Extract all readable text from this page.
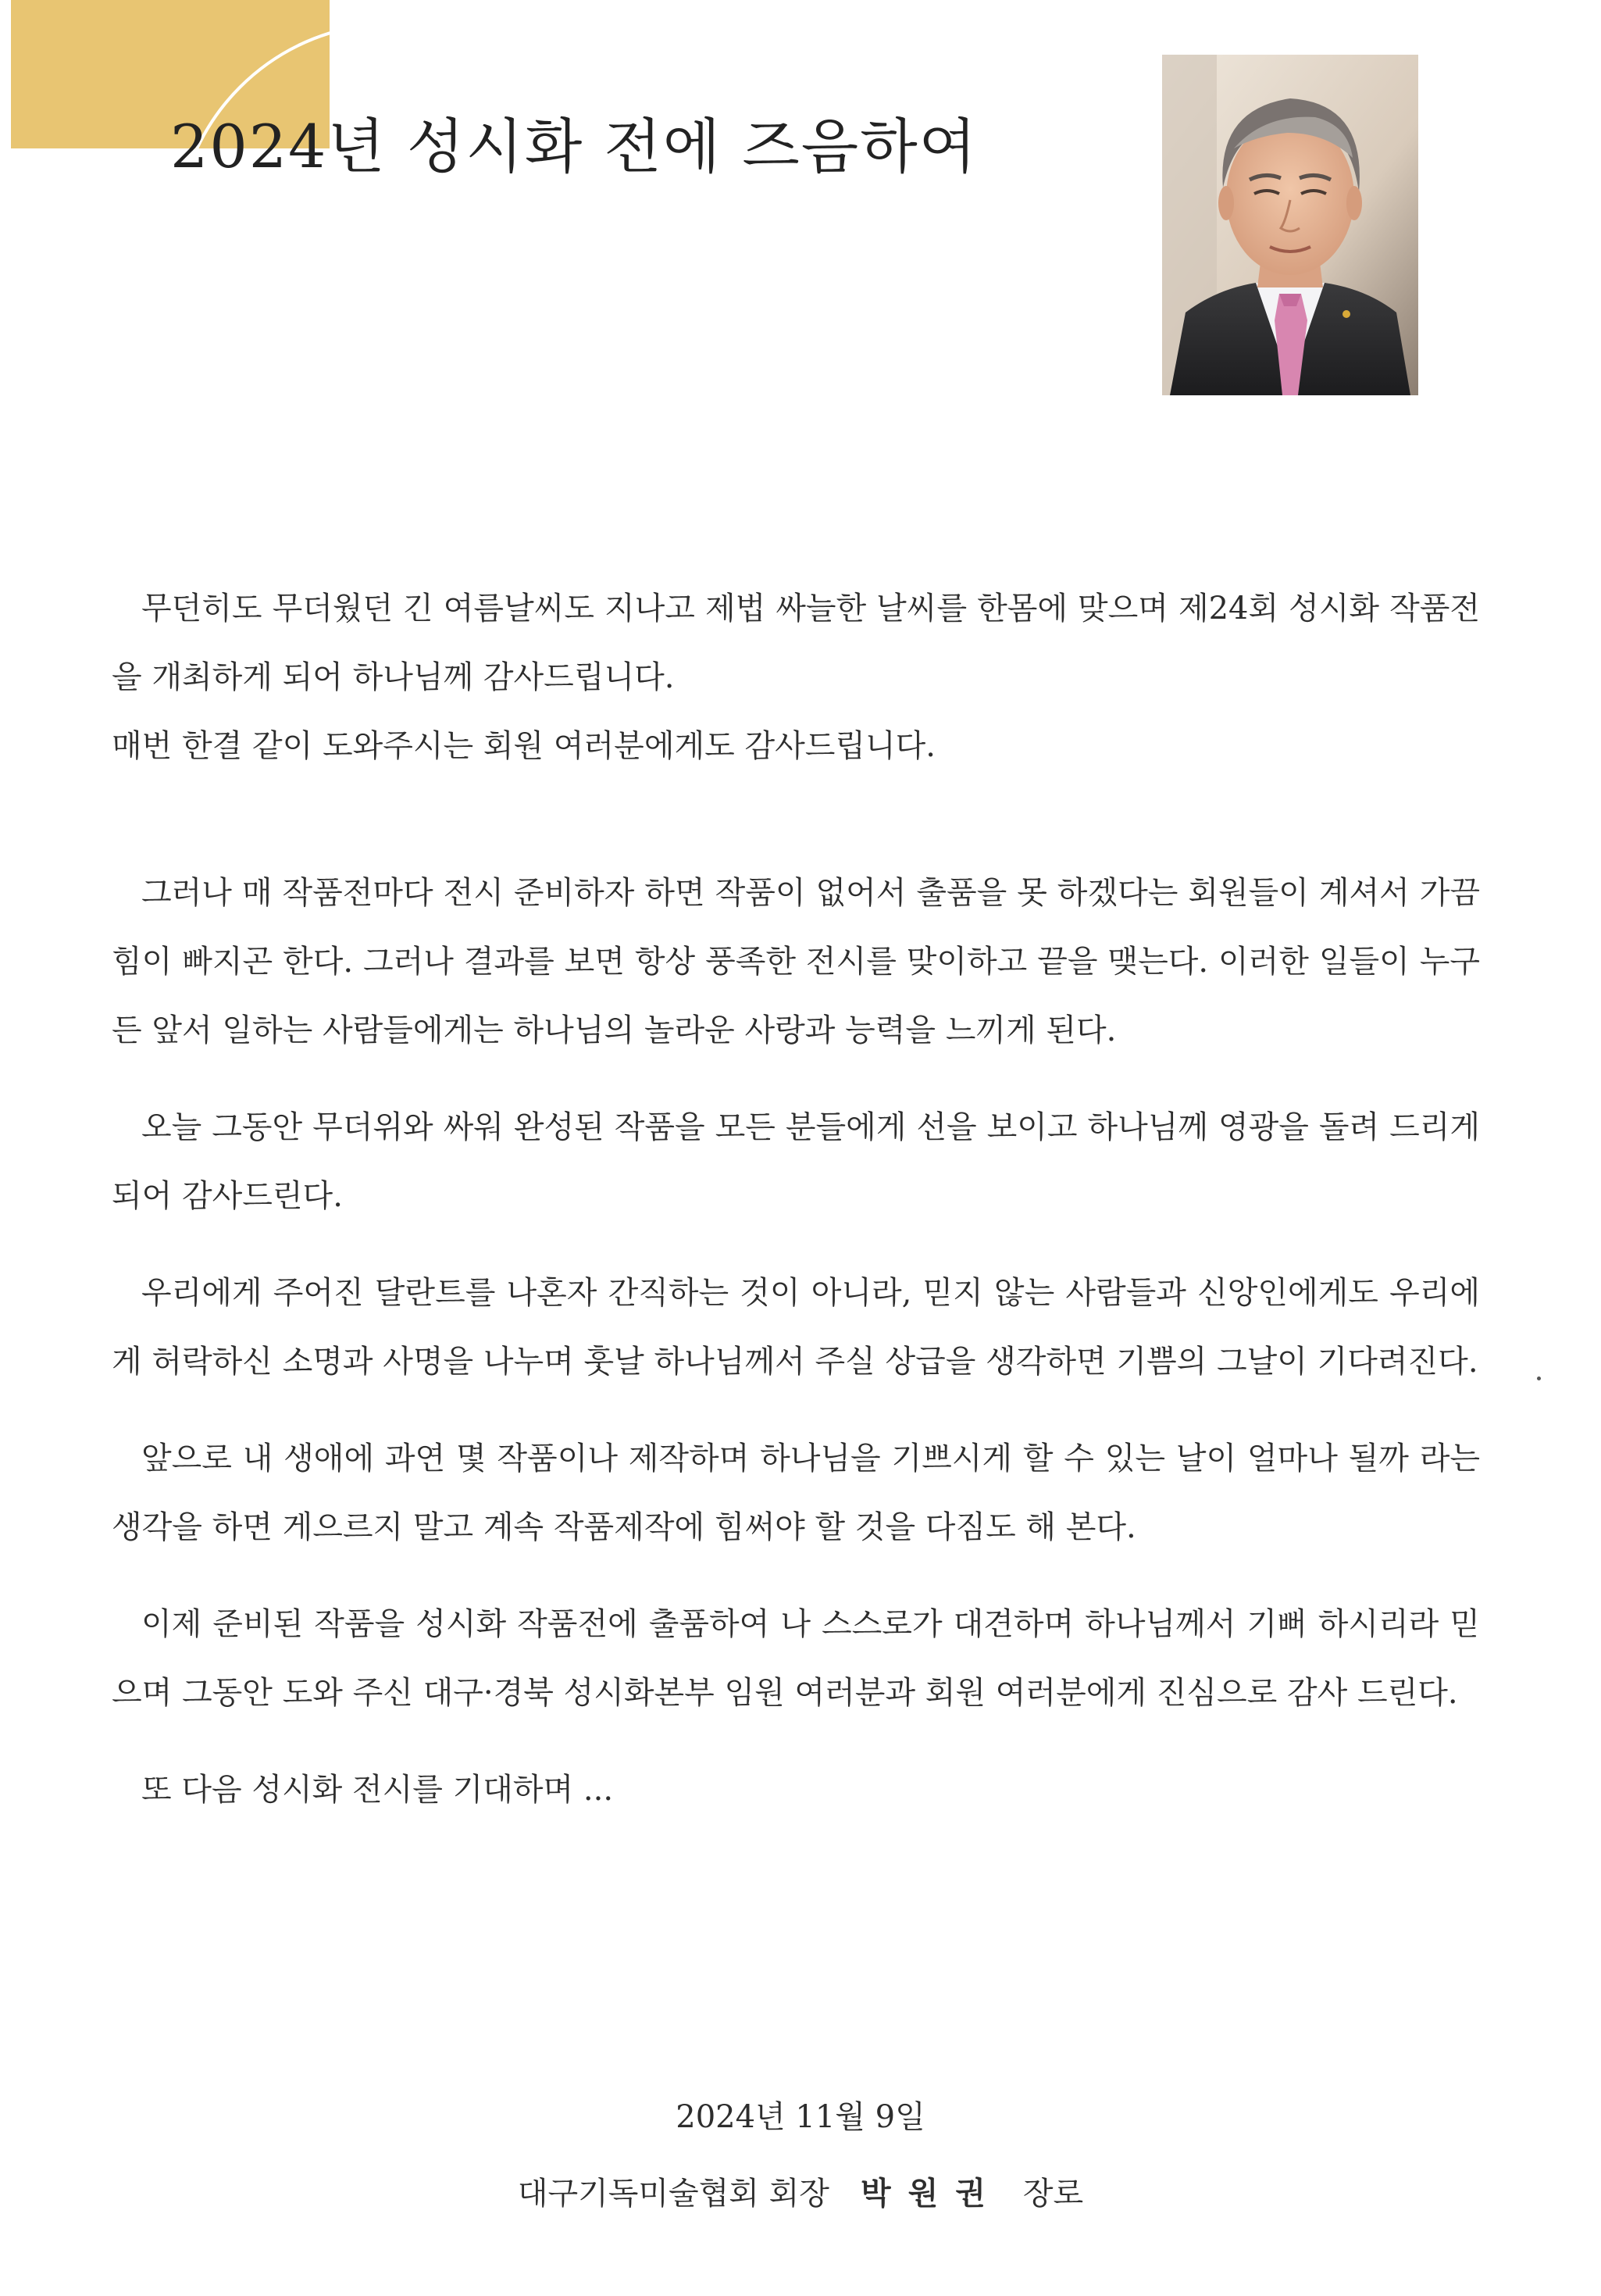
2024년 성시화 전에 즈음하여

무던히도 무더웠던 긴 여름날씨도 지나고 제법 싸늘한 날씨를 한몸에 맞으며 제24회 성시화 작품전을 개최하게 되어 하나님께 감사드립니다.

매번 한결 같이 도와주시는 회원 여러분에게도 감사드립니다.

그러나 매 작품전마다 전시 준비하자 하면 작품이 없어서 출품을 못 하겠다는 회원들이 계셔서 가끔 힘이 빠지곤 한다. 그러나 결과를 보면 항상 풍족한 전시를 맞이하고 끝을 맺는다. 이러한 일들이 누구든 앞서 일하는 사람들에게는 하나님의 놀라운 사랑과 능력을 느끼게 된다.

오늘 그동안 무더위와 싸워 완성된 작품을 모든 분들에게 선을 보이고 하나님께 영광을 돌려 드리게 되어 감사드린다.

우리에게 주어진 달란트를 나혼자 간직하는 것이 아니라, 믿지 않는 사람들과 신앙인에게도 우리에게 허락하신 소명과 사명을 나누며 훗날 하나님께서 주실 상급을 생각하면 기쁨의 그날이 기다려진다.

앞으로 내 생애에 과연 몇 작품이나 제작하며 하나님을 기쁘시게 할 수 있는 날이 얼마나 될까 라는 생각을 하면 게으르지 말고 계속 작품제작에 힘써야 할 것을 다짐도 해 본다.

이제 준비된 작품을 성시화 작품전에 출품하여 나 스스로가 대견하며 하나님께서 기뻐 하시리라 믿으며 그동안 도와 주신 대구·경북 성시화본부 임원 여러분과 회원 여러분에게 진심으로 감사 드린다.

또 다음 성시화 전시를 기대하며 ...

2024년 11월 9일
대구기독미술협회 회장 박원권 장로
